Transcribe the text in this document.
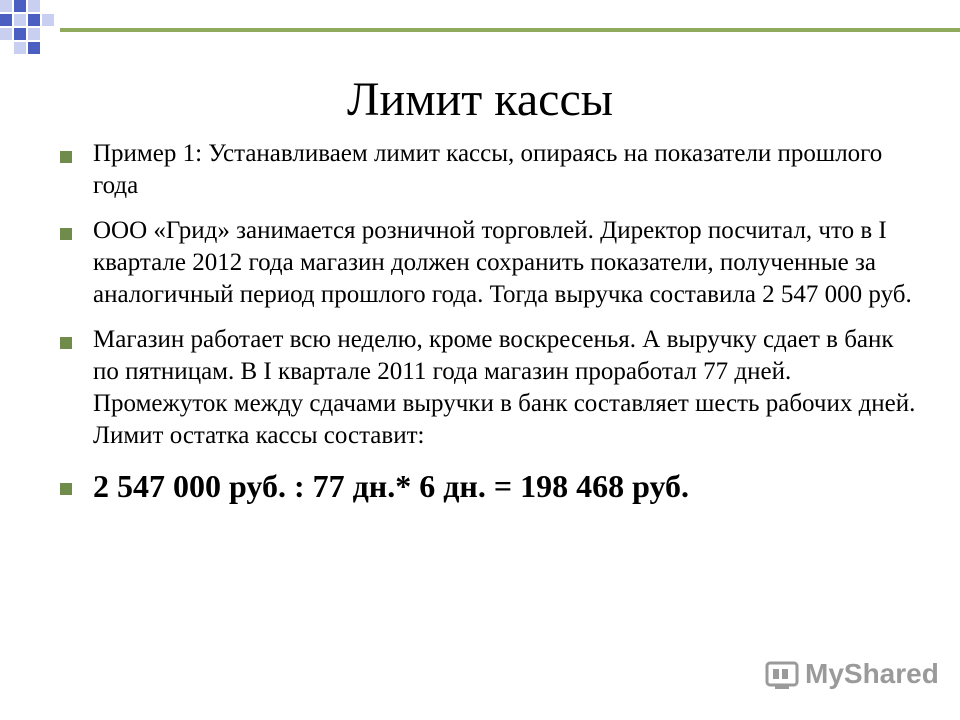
Лимит кассы
Пример 1: Устанавливаем лимит кассы, опираясь на показатели прошлого года
ООО «Грид» занимается розничной торговлей. Директор посчитал, что в I квартале 2012 года магазин должен сохранить показатели, полученные за аналогичный период прошлого года. Тогда выручка составила 2 547 000 руб.
Магазин работает всю неделю, кроме воскресенья. А выручку сдает в банк по пятницам. В I квартале 2011 года магазин проработал 77 дней. Промежуток между сдачами выручки в банк составляет шесть рабочих дней. Лимит остатка кассы составит:
2 547 000 руб. : 77 дн.* 6 дн. = 198 468 руб.
MyShared
